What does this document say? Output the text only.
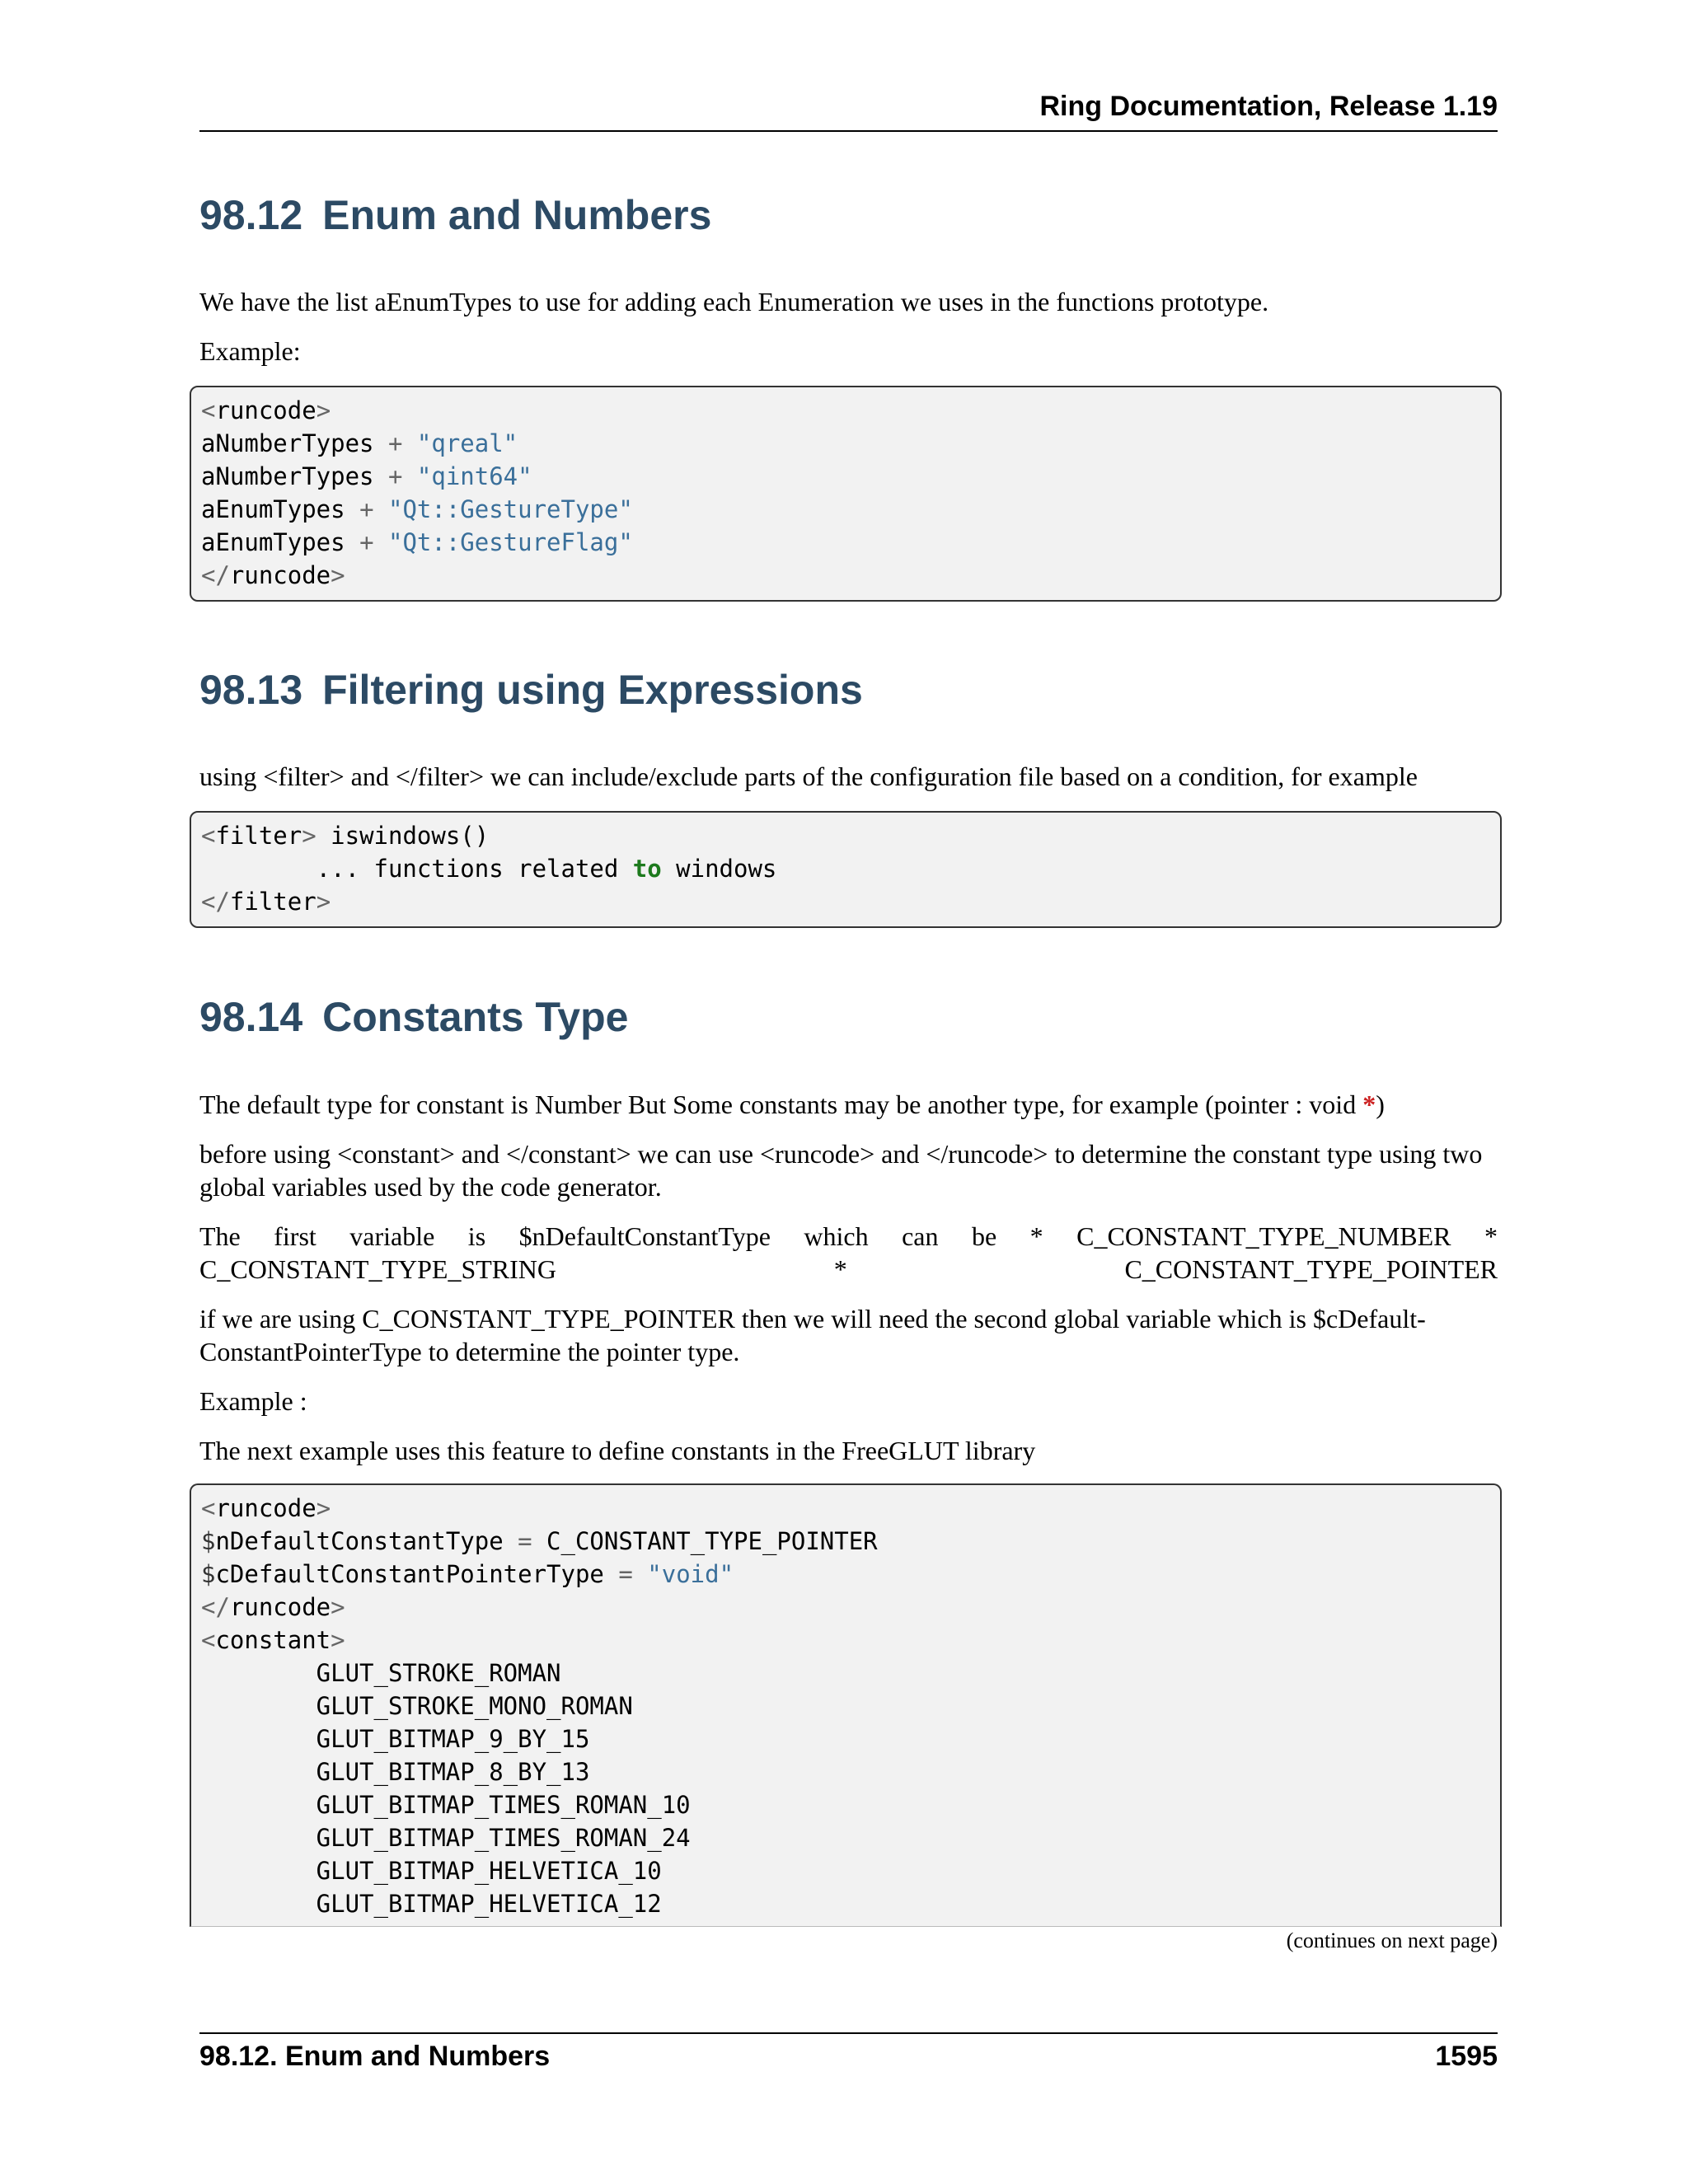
Ring Documentation, Release 1.19
98.12 Enum and Numbers

We have the list aEnumTypes to use for adding each Enumeration we uses in the functions prototype.

Example:

<runcode>
aNumberTypes + "qreal"
aNumberTypes + "qint64"
aEnumTypes + "Qt::GestureType"
aEnumTypes + "Qt::GestureFlag"
</runcode>
98.13 Filtering using Expressions

using <filter> and </filter> we can include/exclude parts of the configuration file based on a condition, for example

<filter> iswindows()
... functions related to windows
</filter>
98.14 Constants Type

The default type for constant is Number But Some constants may be another type, for example (pointer : void *)

before using <constant> and </constant> we can use <runcode> and </runcode> to determine the constant type using two global variables used by the code generator.

The first variable is $nDefaultConstantType which can be * C_CONSTANT_TYPE_NUMBER * C_CONSTANT_TYPE_STRING * C_CONSTANT_TYPE_POINTER

if we are using C_CONSTANT_TYPE_POINTER then we will need the second global variable which is $cDefault-ConstantPointerType to determine the pointer type.

Example :

The next example uses this feature to define constants in the FreeGLUT library

<runcode>
$nDefaultConstantType = C_CONSTANT_TYPE_POINTER
$cDefaultConstantPointerType = "void"
</runcode>
<constant>
GLUT_STROKE_ROMAN
GLUT_STROKE_MONO_ROMAN
GLUT_BITMAP_9_BY_15
GLUT_BITMAP_8_BY_13
GLUT_BITMAP_TIMES_ROMAN_10
GLUT_BITMAP_TIMES_ROMAN_24
GLUT_BITMAP_HELVETICA_10
GLUT_BITMAP_HELVETICA_12
(continues on next page)
98.12. Enum and Numbers	1595
